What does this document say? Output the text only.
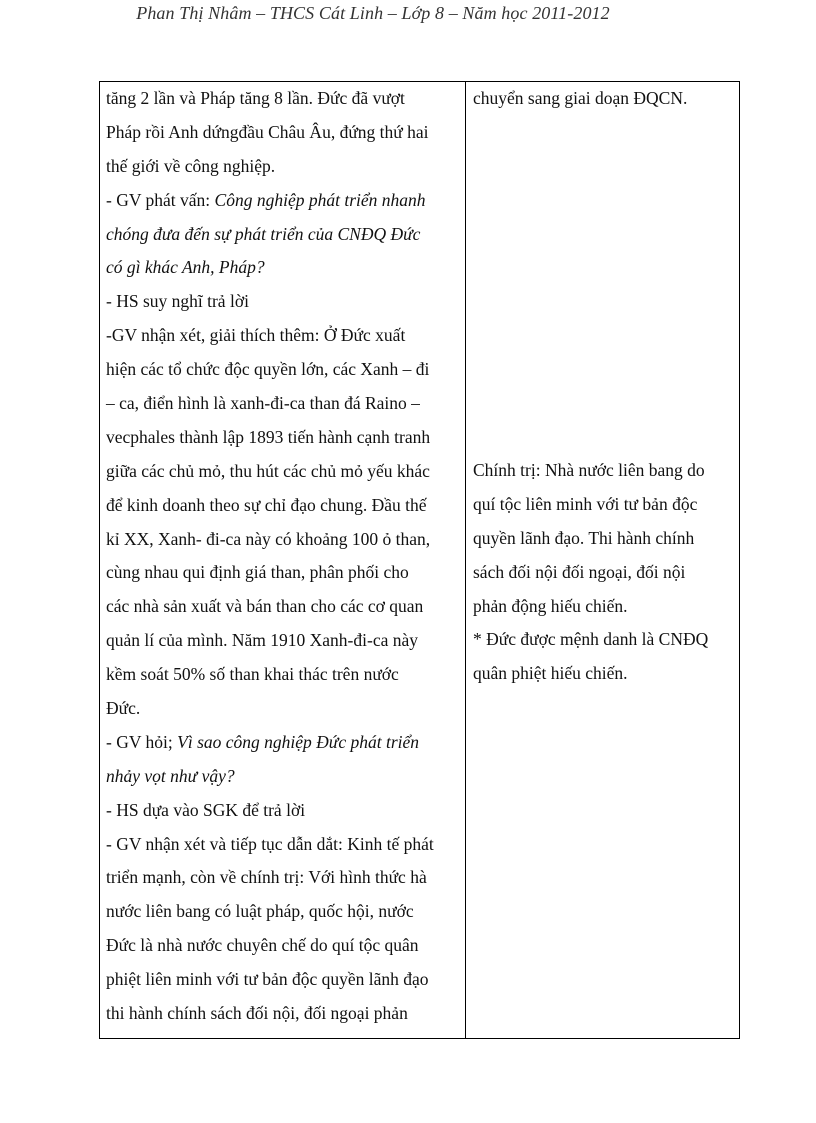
Phan Thị Nhâm – THCS Cát Linh – Lớp 8 – Năm học 2011-2012
tăng 2 lần và Pháp tăng 8 lần. Đức đã vượt
Pháp rồi Anh dứngđầu Châu Âu, đứng thứ hai
thế giới về công nghiệp.
- GV phát vấn: Công nghiệp phát triển nhanh
chóng đưa đến sự phát triển của CNĐQ Đức
có gì khác Anh, Pháp?
- HS suy nghĩ trả lời
-GV nhận xét, giải thích thêm: Ở Đức xuất
hiện các tổ chức độc quyền lớn, các Xanh – đi
– ca, điển hình là xanh-đi-ca than đá Raino –
vecphales thành lập 1893 tiến hành cạnh tranh
giữa các chủ mỏ, thu hút các chủ mỏ yếu khác
để kinh doanh theo sự chỉ đạo chung. Đầu thế
kỉ XX, Xanh- đi-ca này có khoảng 100 ỏ than,
cùng nhau qui định giá than, phân phối cho
các nhà sản xuất và bán than cho các cơ quan
quản lí của mình. Năm 1910 Xanh-đi-ca này
kềm soát 50% số than khai thác trên nước
Đức.
- GV hỏi; Vì sao công nghiệp Đức phát triển
nhảy vọt như vậy?
- HS dựa vào SGK để trả lời
- GV nhận xét và tiếp tục dẫn dắt: Kinh tế phát
triển mạnh, còn về chính trị: Với hình thức hà
nước liên bang có luật pháp, quốc hội, nước
Đức là nhà nước chuyên chế do quí tộc quân
phiệt liên minh với tư bản độc quyền lãnh đạo
thi hành chính sách đối nội, đối ngoại phản
chuyển sang giai doạn ĐQCN.
Chính trị: Nhà nước liên bang do
quí tộc liên minh với tư bản độc
quyền lãnh đạo. Thi hành chính
sách đối nội đối ngoại, đối nội
phản động hiếu chiến.
* Đức được mệnh danh là CNĐQ
quân phiệt hiếu chiến.
